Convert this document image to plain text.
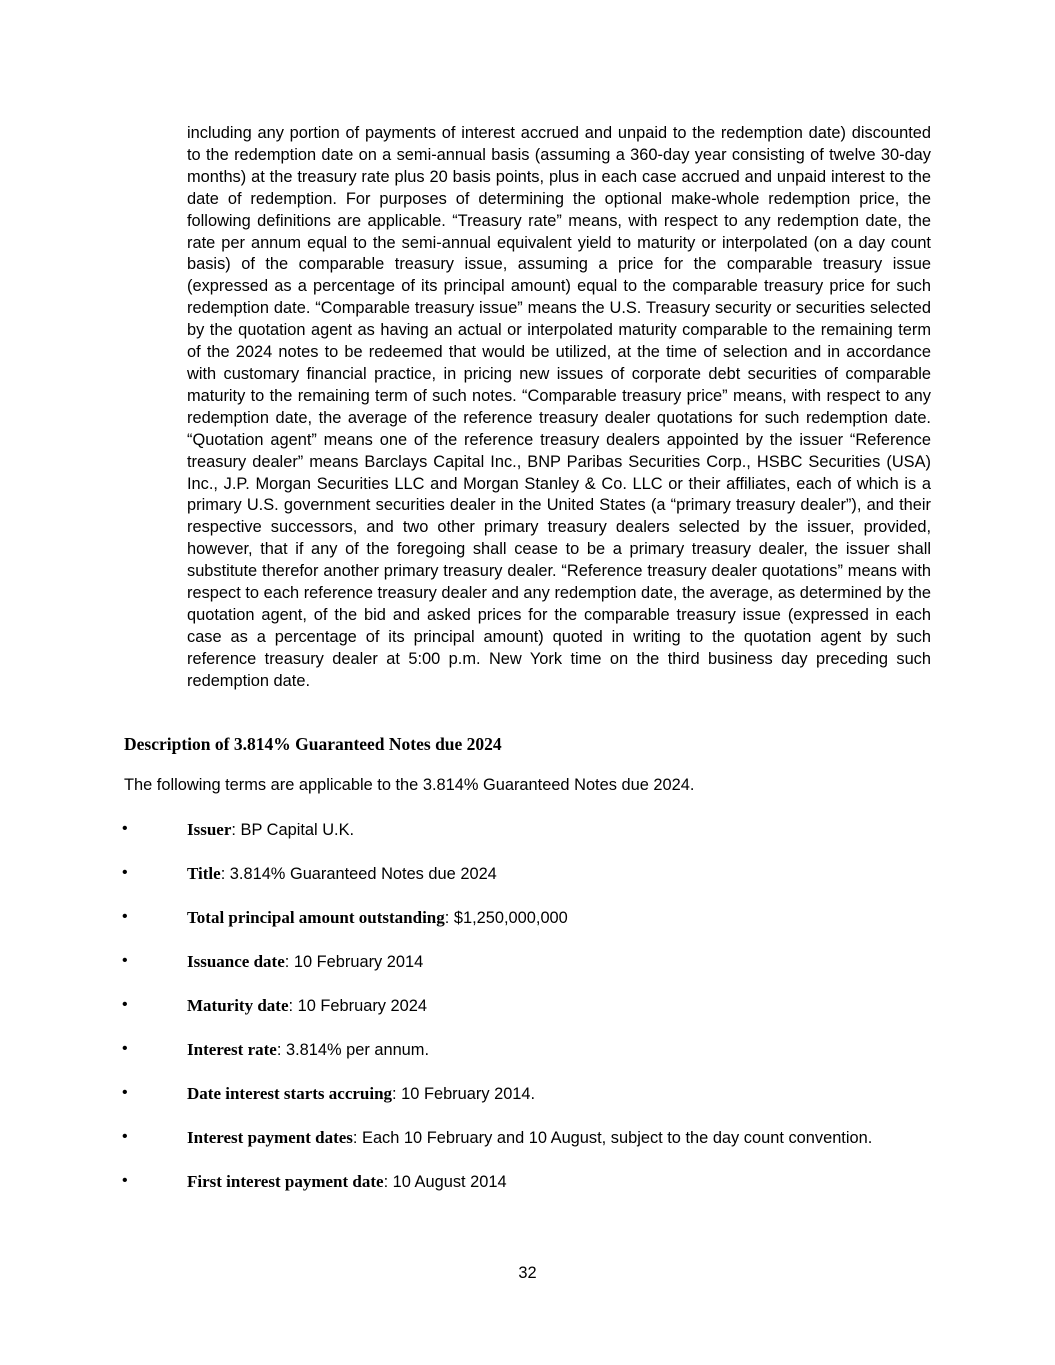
including any portion of payments of interest accrued and unpaid to the redemption date) discounted to the redemption date on a semi-annual basis (assuming a 360-day year consisting of twelve 30-day months) at the treasury rate plus 20 basis points, plus in each case accrued and unpaid interest to the date of redemption. For purposes of determining the optional make-whole redemption price, the following definitions are applicable. “Treasury rate” means, with respect to any redemption date, the rate per annum equal to the semi-annual equivalent yield to maturity or interpolated (on a day count basis) of the comparable treasury issue, assuming a price for the comparable treasury issue (expressed as a percentage of its principal amount) equal to the comparable treasury price for such redemption date. “Comparable treasury issue” means the U.S. Treasury security or securities selected by the quotation agent as having an actual or interpolated maturity comparable to the remaining term of the 2024 notes to be redeemed that would be utilized, at the time of selection and in accordance with customary financial practice, in pricing new issues of corporate debt securities of comparable maturity to the remaining term of such notes. “Comparable treasury price” means, with respect to any redemption date, the average of the reference treasury dealer quotations for such redemption date. “Quotation agent” means one of the reference treasury dealers appointed by the issuer “Reference treasury dealer” means Barclays Capital Inc., BNP Paribas Securities Corp., HSBC Securities (USA) Inc., J.P. Morgan Securities LLC and Morgan Stanley & Co. LLC or their affiliates, each of which is a primary U.S. government securities dealer in the United States (a “primary treasury dealer”), and their respective successors, and two other primary treasury dealers selected by the issuer, provided, however, that if any of the foregoing shall cease to be a primary treasury dealer, the issuer shall substitute therefor another primary treasury dealer. “Reference treasury dealer quotations” means with respect to each reference treasury dealer and any redemption date, the average, as determined by the quotation agent, of the bid and asked prices for the comparable treasury issue (expressed in each case as a percentage of its principal amount) quoted in writing to the quotation agent by such reference treasury dealer at 5:00 p.m. New York time on the third business day preceding such redemption date.

Description of 3.814% Guaranteed Notes due 2024

The following terms are applicable to the 3.814% Guaranteed Notes due 2024.

•	Issuer: BP Capital U.K.
•	Title: 3.814% Guaranteed Notes due 2024
•	Total principal amount outstanding: $1,250,000,000
•	Issuance date: 10 February 2014
•	Maturity date: 10 February 2024
•	Interest rate: 3.814% per annum.
•	Date interest starts accruing: 10 February 2014.
•	Interest payment dates: Each 10 February and 10 August, subject to the day count convention.
•	First interest payment date: 10 August 2014

32
